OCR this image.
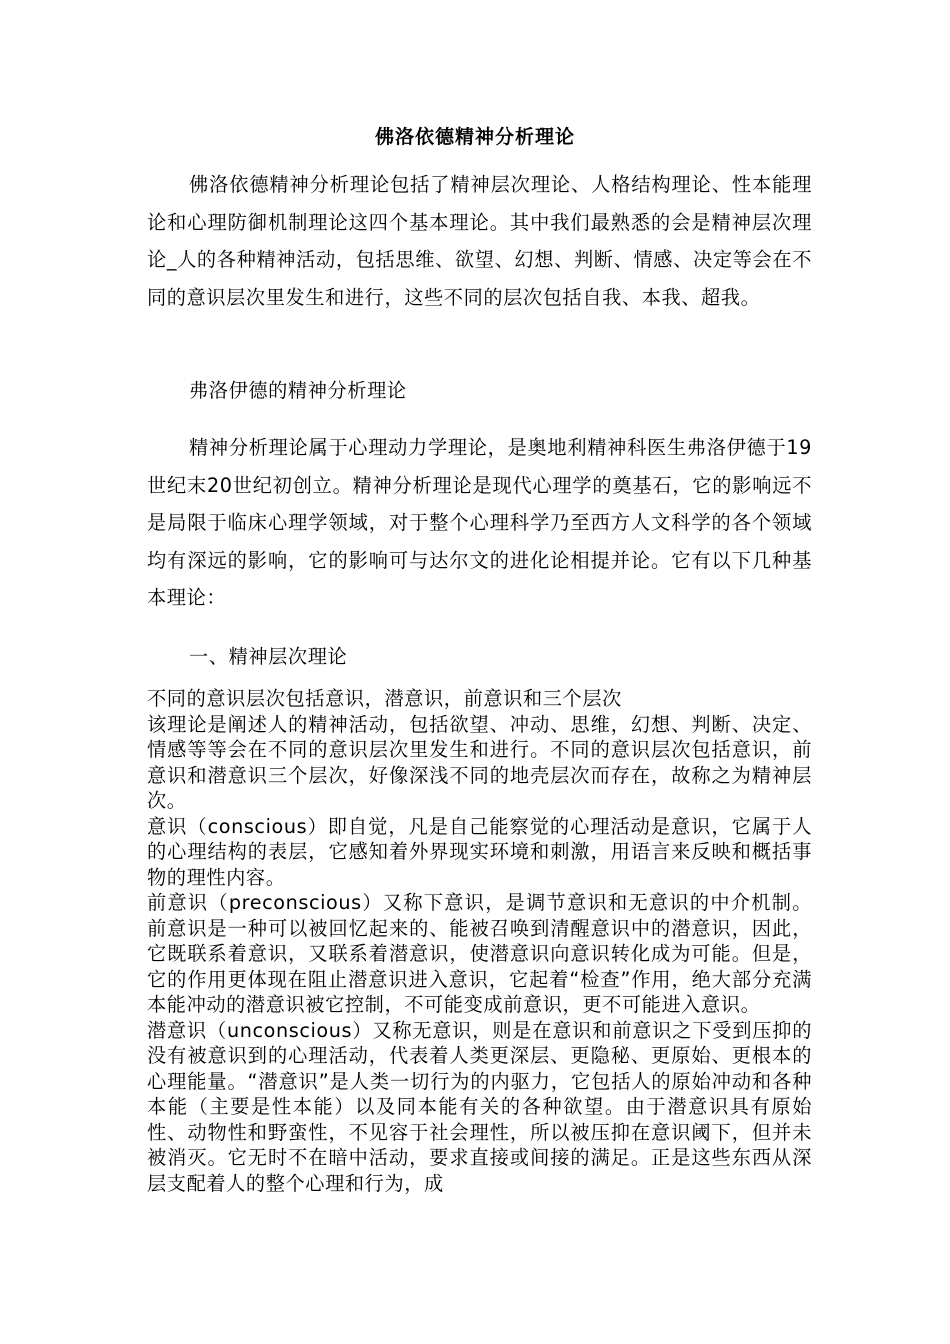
佛洛依德精神分析理论

佛洛依德精神分析理论包括了精神层次理论、人格结构理论、性本能理论和心理防御机制理论这四个基本理论。其中我们最熟悉的会是精神层次理论_人的各种精神活动，包括思维、欲望、幻想、判断、情感、决定等会在不同的意识层次里发生和进行，这些不同的层次包括自我、本我、超我。

弗洛伊德的精神分析理论

精神分析理论属于心理动力学理论，是奥地利精神科医生弗洛伊德于19世纪末20世纪初创立。精神分析理论是现代心理学的奠基石，它的影响远不是局限于临床心理学领域，对于整个心理科学乃至西方人文科学的各个领域均有深远的影响，它的影响可与达尔文的进化论相提并论。它有以下几种基本理论：

一、精神层次理论

不同的意识层次包括意识，潜意识，前意识和三个层次

该理论是阐述人的精神活动，包括欲望、冲动、思维，幻想、判断、决定、情感等等会在不同的意识层次里发生和进行。不同的意识层次包括意识，前意识和潜意识三个层次，好像深浅不同的地壳层次而存在，故称之为精神层次。

意识（conscious）即自觉，凡是自己能察觉的心理活动是意识，它属于人的心理结构的表层，它感知着外界现实环境和刺激，用语言来反映和概括事物的理性内容。

前意识（preconscious）又称下意识，是调节意识和无意识的中介机制。前意识是一种可以被回忆起来的、能被召唤到清醒意识中的潜意识，因此，它既联系着意识，又联系着潜意识，使潜意识向意识转化成为可能。但是，它的作用更体现在阻止潜意识进入意识，它起着“检查”作用，绝大部分充满本能冲动的潜意识被它控制，不可能变成前意识，更不可能进入意识。

潜意识（unconscious）又称无意识，则是在意识和前意识之下受到压抑的没有被意识到的心理活动，代表着人类更深层、更隐秘、更原始、更根本的心理能量。“潜意识”是人类一切行为的内驱力，它包括人的原始冲动和各种本能（主要是性本能）以及同本能有关的各种欲望。由于潜意识具有原始性、动物性和野蛮性，不见容于社会理性，所以被压抑在意识阈下，但并未被消灭。它无时不在暗中活动，要求直接或间接的满足。正是这些东西从深层支配着人的整个心理和行为，成
